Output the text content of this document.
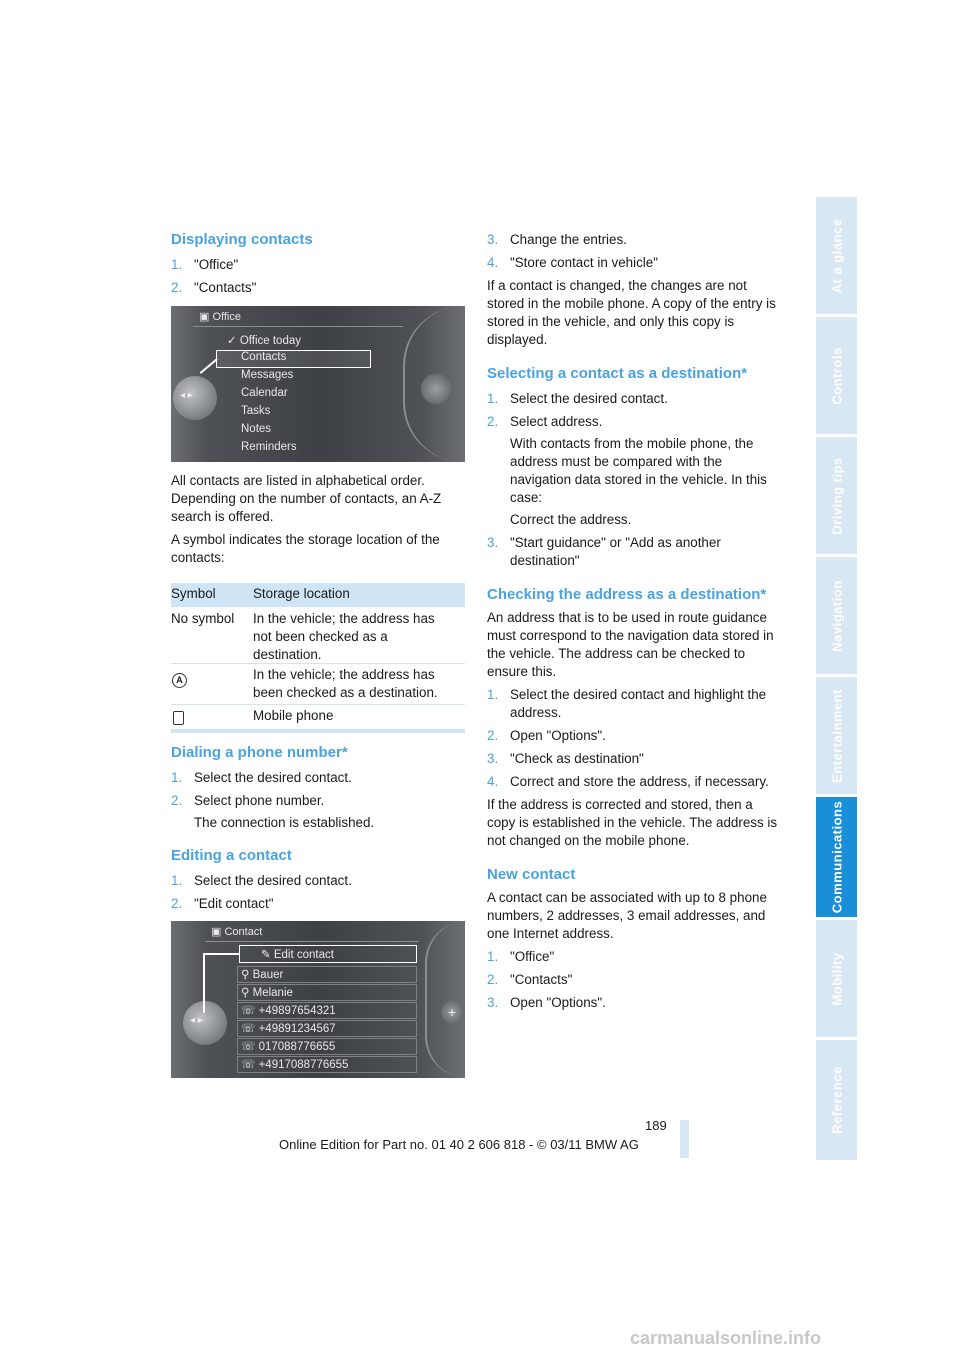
Displaying contacts
1. "Office"
2. "Contacts"
◂ ▸
▣ Office
✓ Office today
Contacts
Messages
Calendar
Tasks
Notes
Reminders

All contacts are listed in alphabetical order. Depending on the number of contacts, an A-Z search is offered.

A symbol indicates the storage location of the contacts:

Symbol	Storage location
No symbol In the vehicle; the address has not been checked as a destination.
A	In the vehicle; the address has been checked as a destination.
Mobile phone
Dialing a phone number*
1. Select the desired contact.
2. Select phone number.
The connection is established.
Editing a contact
1. Select the desired contact.
2. "Edit contact"
◂ ▸
+
▣ Contact
✎ Edit contact
⚲ Bauer
⚲ Melanie
☏ +49897654321
☏ +49891234567
☏ 017088776655
☏ +4917088776655
3. Change the entries.
4. "Store contact in vehicle"

If a contact is changed, the changes are not stored in the mobile phone. A copy of the entry is stored in the vehicle, and only this copy is displayed.

Selecting a contact as a destination*
1. Select the desired contact.
2. Select address.
With contacts from the mobile phone, the address must be compared with the navigation data stored in the vehicle. In this case:
Correct the address.
3. "Start guidance" or "Add as another destination"
Checking the address as a destination*

An address that is to be used in route guidance must correspond to the navigation data stored in the vehicle. The address can be checked to ensure this.

1. Select the desired contact and highlight the address.
2. Open "Options".
3. "Check as destination"
4. Correct and store the address, if necessary.

If the address is corrected and stored, then a copy is established in the vehicle. The address is not changed on the mobile phone.

New contact

A contact can be associated with up to 8 phone numbers, 2 addresses, 3 email addresses, and one Internet address.

1. "Office"
2. "Contacts"
3. Open "Options".
At a glance
Controls
Driving tips
Navigation
Entertainment
Communications
Mobility
Reference
189
Online Edition for Part no. 01 40 2 606 818 - © 03/11 BMW AG
carmanualsonline.info
